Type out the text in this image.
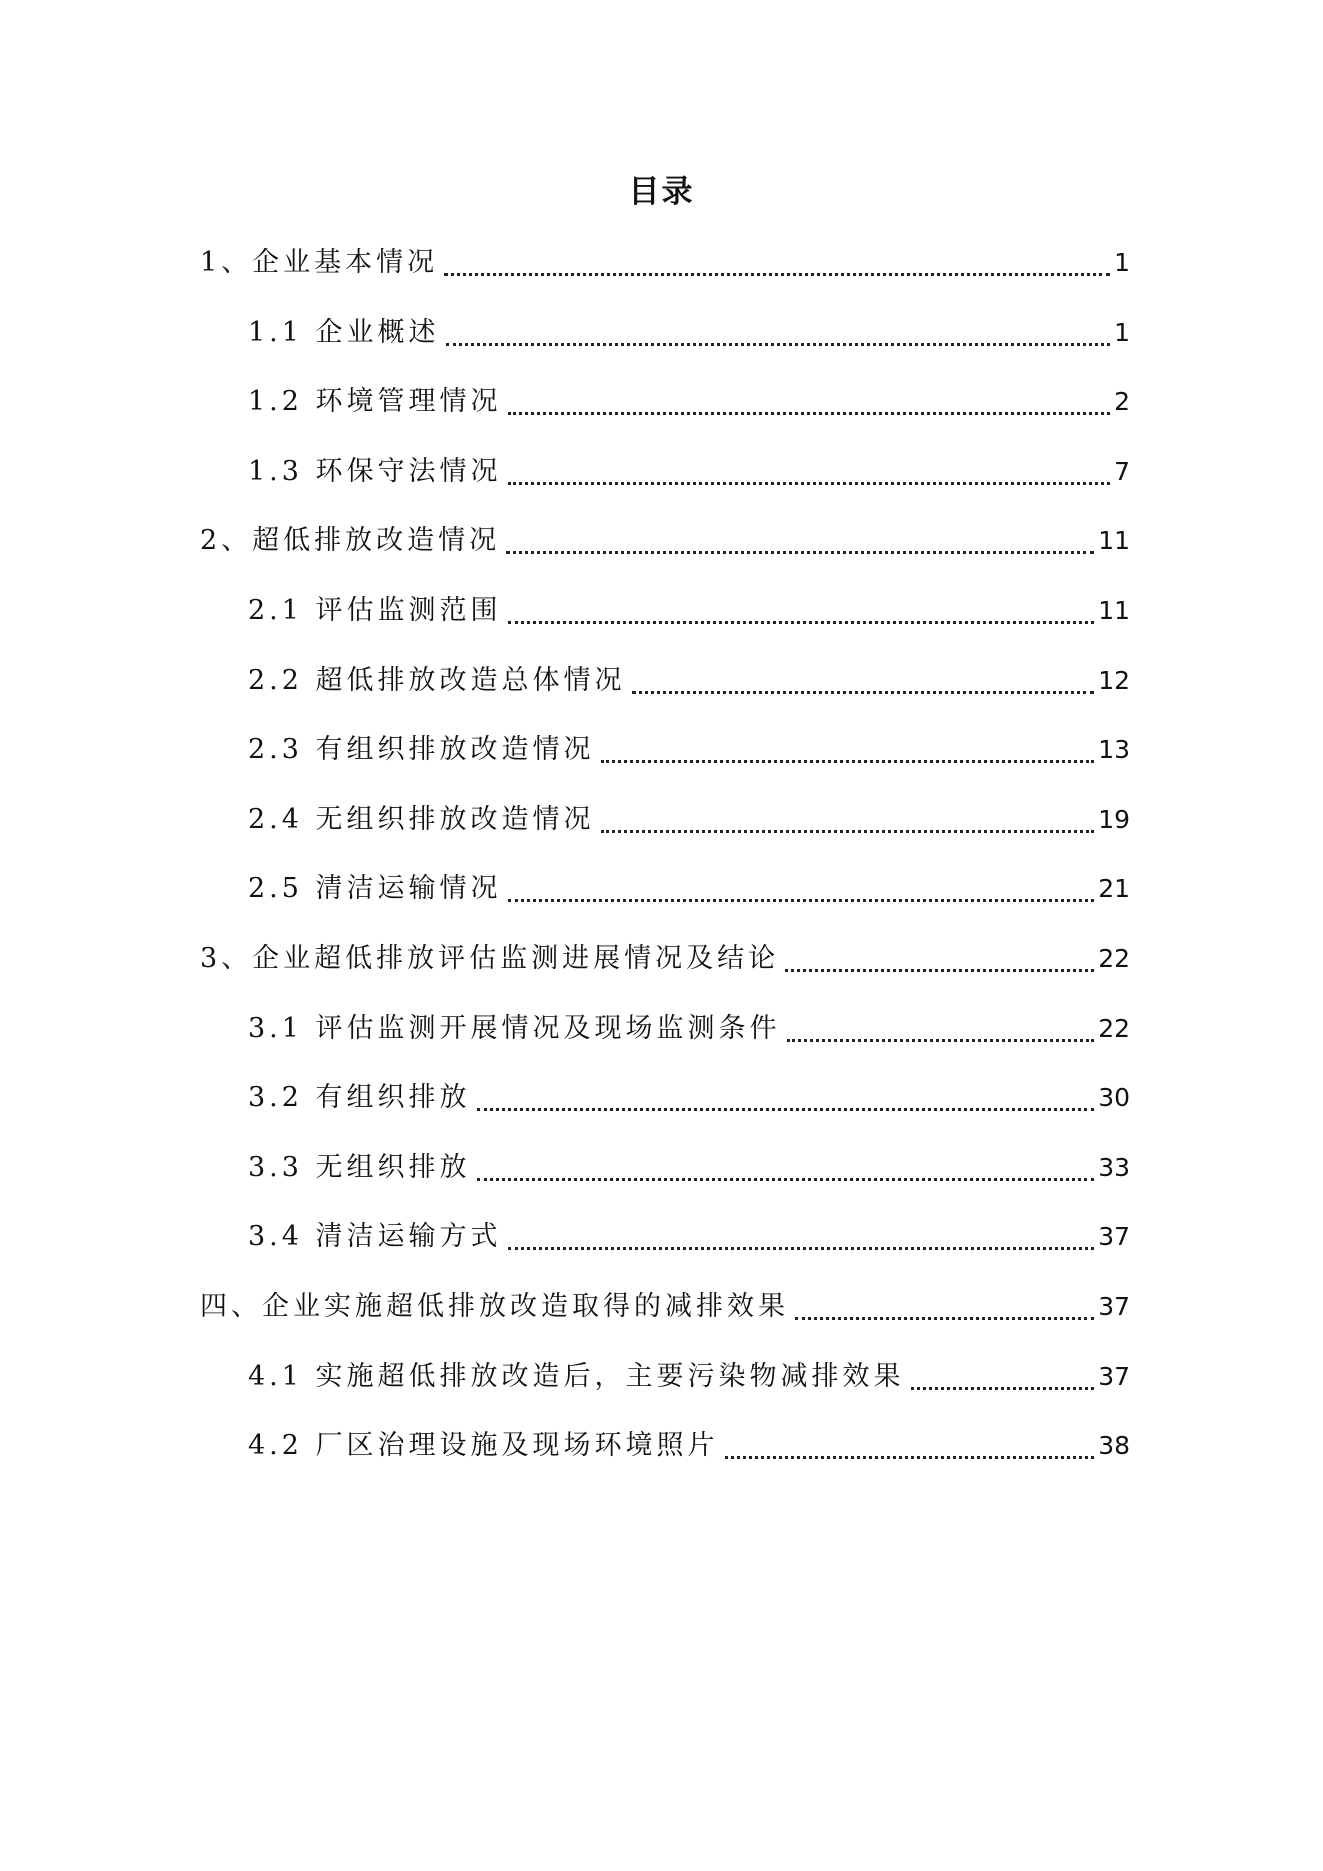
目录
1、企业基本情况	1
1.1 企业概述	1
1.2 环境管理情况	2
1.3 环保守法情况	7
2、超低排放改造情况	11
2.1 评估监测范围	11
2.2 超低排放改造总体情况	12
2.3 有组织排放改造情况	13
2.4 无组织排放改造情况	19
2.5 清洁运输情况	21
3、企业超低排放评估监测进展情况及结论	22
3.1 评估监测开展情况及现场监测条件	22
3.2 有组织排放	30
3.3 无组织排放	33
3.4 清洁运输方式	37
四、企业实施超低排放改造取得的减排效果	37
4.1 实施超低排放改造后，主要污染物减排效果	37
4.2 厂区治理设施及现场环境照片	38
